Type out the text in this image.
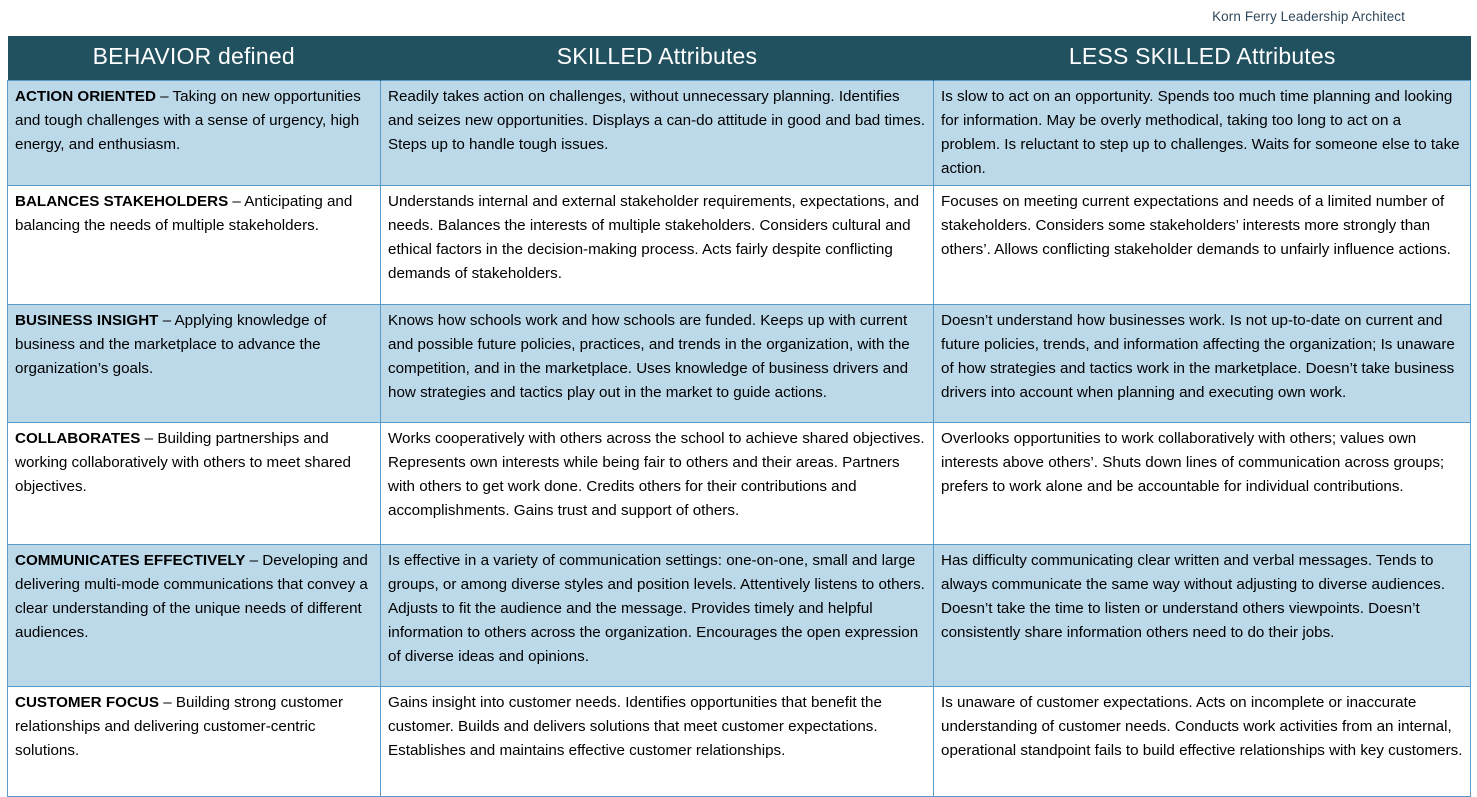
Korn Ferry Leadership Architect
BEHAVIOR defined	SKILLED Attributes	LESS SKILLED Attributes
ACTION ORIENTED – Taking on new opportunities and tough challenges with a sense of urgency, high energy, and enthusiasm.	Readily takes action on challenges, without unnecessary planning. Identifies and seizes new opportunities. Displays a can-do attitude in good and bad times. Steps up to handle tough issues.	Is slow to act on an opportunity. Spends too much time planning and looking for information. May be overly methodical, taking too long to act on a problem. Is reluctant to step up to challenges. Waits for someone else to take action.
BALANCES STAKEHOLDERS – Anticipating and balancing the needs of multiple stakeholders.	Understands internal and external stakeholder requirements, expectations, and needs. Balances the interests of multiple stakeholders. Considers cultural and ethical factors in the decision-making process. Acts fairly despite conflicting demands of stakeholders.	Focuses on meeting current expectations and needs of a limited number of stakeholders. Considers some stakeholders’ interests more strongly than others’. Allows conflicting stakeholder demands to unfairly influence actions.
BUSINESS INSIGHT – Applying knowledge of business and the marketplace to advance the organization’s goals.	Knows how schools work and how schools are funded. Keeps up with current and possible future policies, practices, and trends in the organization, with the competition, and in the marketplace. Uses knowledge of business drivers and how strategies and tactics play out in the market to guide actions.	Doesn’t understand how businesses work. Is not up-to-date on current and future policies, trends, and information affecting the organization; Is unaware of how strategies and tactics work in the marketplace. Doesn’t take business drivers into account when planning and executing own work.
COLLABORATES – Building partnerships and working collaboratively with others to meet shared objectives.	Works cooperatively with others across the school to achieve shared objectives. Represents own interests while being fair to others and their areas. Partners with others to get work done. Credits others for their contributions and accomplishments. Gains trust and support of others.	Overlooks opportunities to work collaboratively with others; values own interests above others’. Shuts down lines of communication across groups; prefers to work alone and be accountable for individual contributions.
COMMUNICATES EFFECTIVELY – Developing and delivering multi-mode communications that convey a clear understanding of the unique needs of different audiences.	Is effective in a variety of communication settings: one-on-one, small and large groups, or among diverse styles and position levels. Attentively listens to others. Adjusts to fit the audience and the message. Provides timely and helpful information to others across the organization. Encourages the open expression of diverse ideas and opinions.	Has difficulty communicating clear written and verbal messages. Tends to always communicate the same way without adjusting to diverse audiences. Doesn’t take the time to listen or understand others viewpoints. Doesn’t consistently share information others need to do their jobs.
CUSTOMER FOCUS – Building strong customer relationships and delivering customer-centric solutions.	Gains insight into customer needs. Identifies opportunities that benefit the customer. Builds and delivers solutions that meet customer expectations. Establishes and maintains effective customer relationships.	Is unaware of customer expectations. Acts on incomplete or inaccurate understanding of customer needs. Conducts work activities from an internal, operational standpoint fails to build effective relationships with key customers.
